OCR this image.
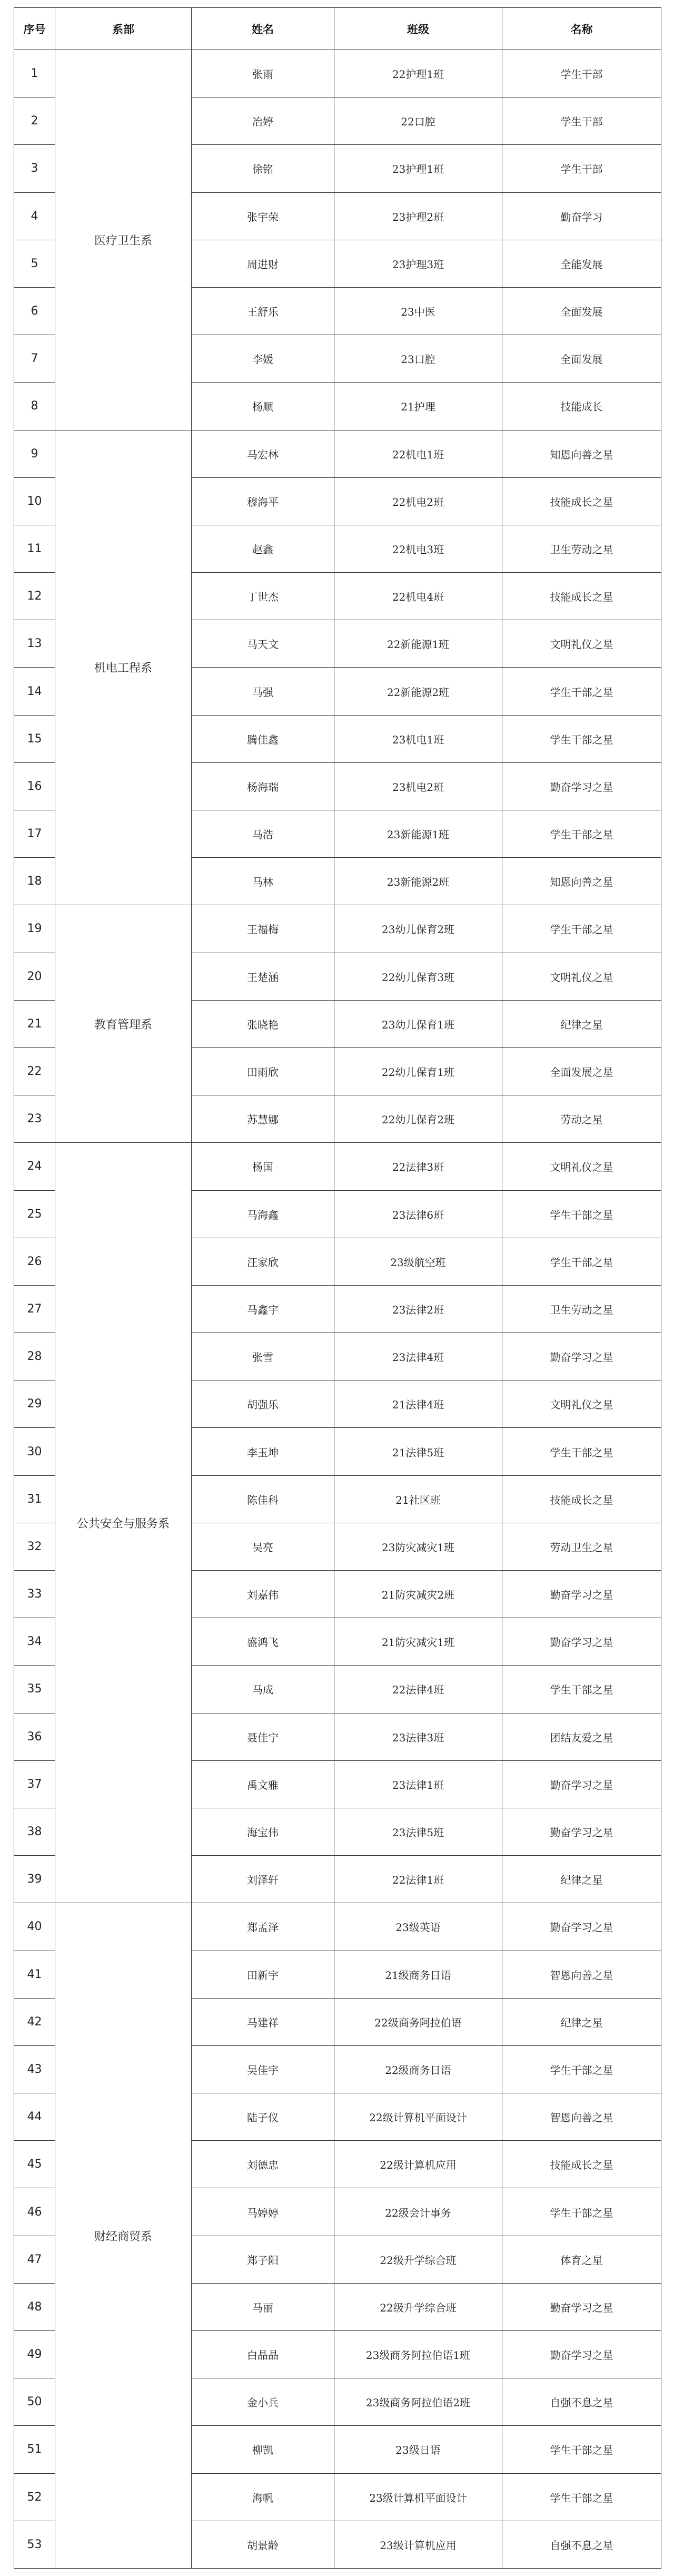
序号	系部	姓名	班级	名称
1	医疗卫生系	张雨	22护理1班	学生干部
2		冶婷	22口腔	学生干部
3		徐铭	23护理1班	学生干部
4		张宇荣	23护理2班	勤奋学习
5		周进财	23护理3班	全能发展
6		王舒乐	23中医	全面发展
7		李媛	23口腔	全面发展
8		杨顺	21护理	技能成长
9	机电工程系	马宏林	22机电1班	知恩向善之星
10		穆海平	22机电2班	技能成长之星
11		赵鑫	22机电3班	卫生劳动之星
12		丁世杰	22机电4班	技能成长之星
13		马天文	22新能源1班	文明礼仪之星
14		马强	22新能源2班	学生干部之星
15		腾佳鑫	23机电1班	学生干部之星
16		杨海瑞	23机电2班	勤奋学习之星
17		马浩	23新能源1班	学生干部之星
18		马林	23新能源2班	知恩向善之星
19	教育管理系	王福梅	23幼儿保育2班	学生干部之星
20		王楚涵	22幼儿保育3班	文明礼仪之星
21		张晓艳	23幼儿保育1班	纪律之星
22		田雨欣	22幼儿保育1班	全面发展之星
23		苏慧娜	22幼儿保育2班	劳动之星
24	公共安全与服务系	杨国	22法律3班	文明礼仪之星
25		马海鑫	23法律6班	学生干部之星
26		汪家欣	23级航空班	学生干部之星
27		马鑫宇	23法律2班	卫生劳动之星
28		张雪	23法律4班	勤奋学习之星
29		胡强乐	21法律4班	文明礼仪之星
30		李玉坤	21法律5班	学生干部之星
31		陈佳科	21社区班	技能成长之星
32		吴亮	23防灾减灾1班	劳动卫生之星
33		刘嘉伟	21防灾减灾2班	勤奋学习之星
34		盛鸿飞	21防灾减灾1班	勤奋学习之星
35		马成	22法律4班	学生干部之星
36		聂佳宁	23法律3班	团结友爱之星
37		禹文雅	23法律1班	勤奋学习之星
38		海宝伟	23法律5班	勤奋学习之星
39		刘泽轩	22法律1班	纪律之星
40	财经商贸系	郑孟泽	23级英语	勤奋学习之星
41		田新宇	21级商务日语	智恩向善之星
42		马建祥	22级商务阿拉伯语	纪律之星
43		吴佳宇	22级商务日语	学生干部之星
44		陆子仪	22级计算机平面设计	智恩向善之星
45		刘德忠	22级计算机应用	技能成长之星
46		马婷婷	22级会计事务	学生干部之星
47		郑子阳	22级升学综合班	体育之星
48		马丽	22级升学综合班	勤奋学习之星
49		白晶晶	23级商务阿拉伯语1班	勤奋学习之星
50		金小兵	23级商务阿拉伯语2班	自强不息之星
51		柳凯	23级日语	学生干部之星
52		海帆	23级计算机平面设计	学生干部之星
53		胡景龄	23级计算机应用	自强不息之星
